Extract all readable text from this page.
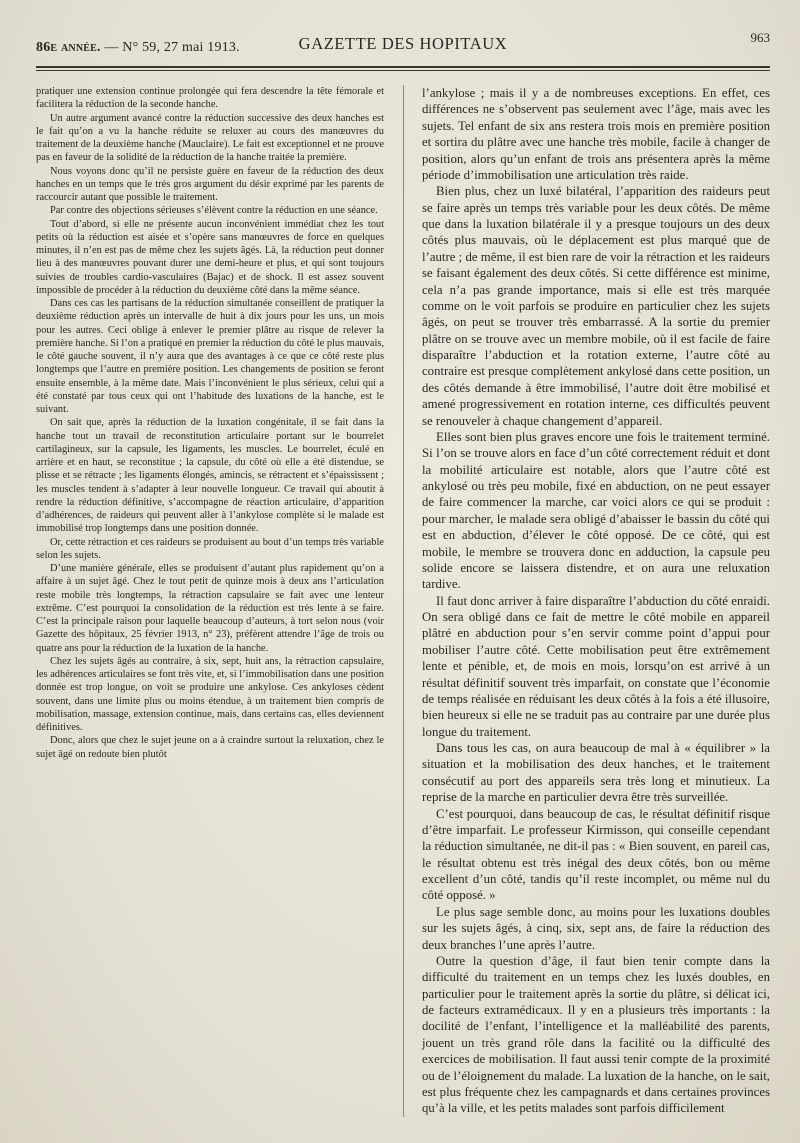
86e année. — N° 59, 27 mai 1913.	GAZETTE DES HOPITAUX	963

pratiquer une extension continue prolongée qui fera descendre la tête fémorale et facilitera la réduction de la seconde hanche.

Un autre argument avancé contre la réduction successive des deux hanches est le fait qu’on a vu la hanche réduite se reluxer au cours des manœuvres du traitement de la deuxième hanche (Mauclaire). Le fait est exceptionnel et ne prouve pas en faveur de la solidité de la réduction de la hanche traitée la première.

Nous voyons donc qu’il ne persiste guère en faveur de la réduction des deux hanches en un temps que le très gros argument du désir exprimé par les parents de raccourcir autant que possible le traitement.

Par contre des objections sérieuses s’élèvent contre la réduction en une séance.

Tout d’abord, si elle ne présente aucun inconvénient immédiat chez les tout petits où la réduction est aisée et s’opère sans manœuvres de force en quelques minutes, il n’en est pas de même chez les sujets âgés. Là, la réduction peut donner lieu à des manœuvres pouvant durer une demi-heure et plus, et qui sont toujours suivies de troubles cardio-vasculaires (Bajac) et de shock. Il est assez souvent impossible de procéder à la réduction du deuxième côté dans la même séance.

Dans ces cas les partisans de la réduction simultanée conseillent de pratiquer la deuxième réduction après un intervalle de huit à dix jours pour les uns, un mois pour les autres. Ceci oblige à enlever le premier plâtre au risque de relever la première hanche. Si l’on a pratiqué en premier la réduction du côté le plus mauvais, le côté gauche souvent, il n’y aura que des avantages à ce que ce côté reste plus longtemps que l’autre en première position. Les changements de position se feront ensuite ensemble, à la même date. Mais l’inconvénient le plus sérieux, celui qui a été constaté par tous ceux qui ont l’habitude des luxations de la hanche, est le suivant.

On sait que, après la réduction de la luxation congénitale, il se fait dans la hanche tout un travail de reconstitution articulaire portant sur le bourrelet cartilagineux, sur la capsule, les ligaments, les muscles. Le bourrelet, éculé en arrière et en haut, se reconstitue ; la capsule, du côté où elle a été distendue, se plisse et se rétracte ; les ligaments élongés, amincis, se rétractent et s’épaississent ; les muscles tendent à s’adapter à leur nouvelle longueur. Ce travail qui aboutit à rendre la réduction définitive, s’accompagne de réaction articulaire, d’apparition d’adhérences, de raideurs qui peuvent aller à l’ankylose complète si le malade est immobilisé trop longtemps dans une position donnée.

Or, cette rétraction et ces raideurs se produisent au bout d’un temps très variable selon les sujets.

D’une manière générale, elles se produisent d’autant plus rapidement qu’on a affaire à un sujet âgé. Chez le tout petit de quinze mois à deux ans l’articulation reste mobile très longtemps, la rétraction capsulaire se fait avec une lenteur extrême. C’est pourquoi la consolidation de la réduction est très lente à se faire. C’est la principale raison pour laquelle beaucoup d’auteurs, à tort selon nous (voir Gazette des hôpitaux, 25 février 1913, n° 23), préfèrent attendre l’âge de trois ou quatre ans pour la réduction de la luxation de la hanche.

Chez les sujets âgés au contraire, à six, sept, huit ans, la rétraction capsulaire, les adhérences articulaires se font très vite, et, si l’immobilisation dans une position donnée est trop longue, on voit se produire une ankylose. Ces ankyloses cèdent souvent, dans une limite plus ou moins étendue, à un traitement bien compris de mobilisation, massage, extension continue, mais, dans certains cas, elles deviennent définitives.

Donc, alors que chez le sujet jeune on a à craindre surtout la reluxation, chez le sujet âgé on redoute bien plutôt

l’ankylose ; mais il y a de nombreuses exceptions. En effet, ces différences ne s’observent pas seulement avec l’âge, mais avec les sujets. Tel enfant de six ans restera trois mois en première position et sortira du plâtre avec une hanche très mobile, facile à changer de position, alors qu’un enfant de trois ans présentera après la même période d’immobilisation une articulation très raide.

Bien plus, chez un luxé bilatéral, l’apparition des raideurs peut se faire après un temps très variable pour les deux côtés. De même que dans la luxation bilatérale il y a presque toujours un des deux côtés plus mauvais, où le déplacement est plus marqué que de l’autre ; de même, il est bien rare de voir la rétraction et les raideurs se faisant également des deux côtés. Si cette différence est minime, cela n’a pas grande importance, mais si elle est très marquée comme on le voit parfois se produire en particulier chez les sujets âgés, on peut se trouver très embarrassé. A la sortie du premier plâtre on se trouve avec un membre mobile, où il est facile de faire disparaître l’abduction et la rotation externe, l’autre côté au contraire est presque complètement ankylosé dans cette position, un des côtés demande à être immobilisé, l’autre doit être mobilisé et amené progressivement en rotation interne, ces difficultés peuvent se renouveler à chaque changement d’appareil.

Elles sont bien plus graves encore une fois le traitement terminé. Si l’on se trouve alors en face d’un côté correctement réduit et dont la mobilité articulaire est notable, alors que l’autre côté est ankylosé ou très peu mobile, fixé en abduction, on ne peut essayer de faire commencer la marche, car voici alors ce qui se produit : pour marcher, le malade sera obligé d’abaisser le bassin du côté qui est en abduction, d’élever le côté opposé. De ce côté, qui est mobile, le membre se trouvera donc en adduction, la capsule peu solide encore se laissera distendre, et on aura une reluxation tardive.

Il faut donc arriver à faire disparaître l’abduction du côté enraidi. On sera obligé dans ce fait de mettre le côté mobile en appareil plâtré en abduction pour s’en servir comme point d’appui pour mobiliser l’autre côté. Cette mobilisation peut être extrêmement lente et pénible, et, de mois en mois, lorsqu’on est arrivé à un résultat définitif souvent très imparfait, on constate que l’économie de temps réalisée en réduisant les deux côtés à la fois a été illusoire, bien heureux si elle ne se traduit pas au contraire par une durée plus longue du traitement.

Dans tous les cas, on aura beaucoup de mal à « équilibrer » la situation et la mobilisation des deux hanches, et le traitement consécutif au port des appareils sera très long et minutieux. La reprise de la marche en particulier devra être très surveillée.

C’est pourquoi, dans beaucoup de cas, le résultat définitif risque d’être imparfait. Le professeur Kirmisson, qui conseille cependant la réduction simultanée, ne dit-il pas : « Bien souvent, en pareil cas, le résultat obtenu est très inégal des deux côtés, bon ou même excellent d’un côté, tandis qu’il reste incomplet, ou même nul du côté opposé. »

Le plus sage semble donc, au moins pour les luxations doubles sur les sujets âgés, à cinq, six, sept ans, de faire la réduction des deux branches l’une après l’autre.

Outre la question d’âge, il faut bien tenir compte dans la difficulté du traitement en un temps chez les luxés doubles, en particulier pour le traitement après la sortie du plâtre, si délicat ici, de facteurs extramédicaux. Il y en a plusieurs très importants : la docilité de l’enfant, l’intelligence et la malléabilité des parents, jouent un très grand rôle dans la facilité ou la difficulté des exercices de mobilisation. Il faut aussi tenir compte de la proximité ou de l’éloignement du malade. La luxation de la hanche, on le sait, est plus fréquente chez les campagnards et dans certaines provinces qu’à la ville, et les petits malades sont parfois difficilement
